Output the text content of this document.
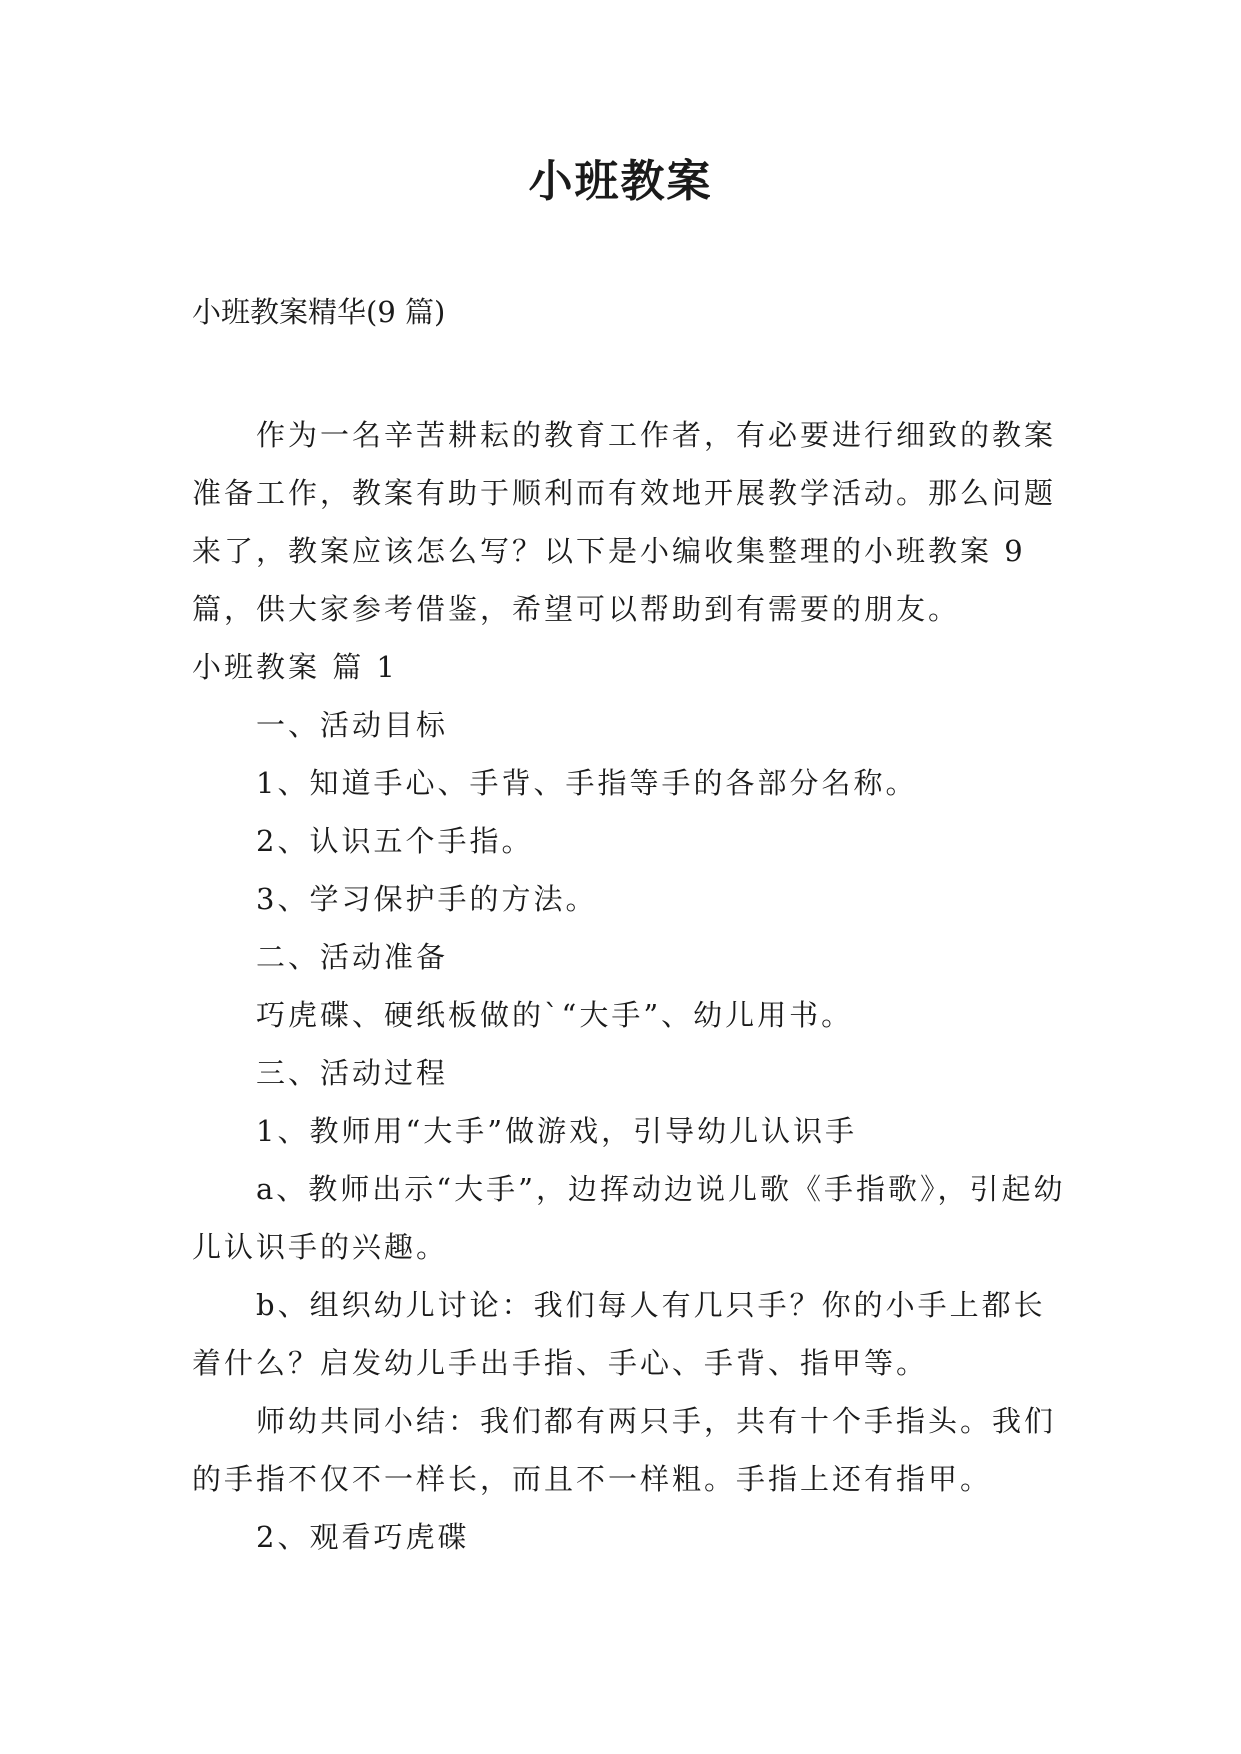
小班教案
小班教案精华(9 篇)

作为一名辛苦耕耘的教育工作者，有必要进行细致的教案准备工作，教案有助于顺利而有效地开展教学活动。那么问题来了，教案应该怎么写？以下是小编收集整理的小班教案 9 篇，供大家参考借鉴，希望可以帮助到有需要的朋友。

小班教案 篇 1

一、活动目标

1、知道手心、手背、手指等手的各部分名称。

2、认识五个手指。

3、学习保护手的方法。

二、活动准备

巧虎碟、硬纸板做的`“大手”、幼儿用书。

三、活动过程

1、教师用“大手”做游戏，引导幼儿认识手

a、教师出示“大手”，边挥动边说儿歌《手指歌》，引起幼儿认识手的兴趣。

b、组织幼儿讨论：我们每人有几只手？你的小手上都长着什么？启发幼儿手出手指、手心、手背、指甲等。

师幼共同小结：我们都有两只手，共有十个手指头。我们的手指不仅不一样长，而且不一样粗。手指上还有指甲。

2、观看巧虎碟
